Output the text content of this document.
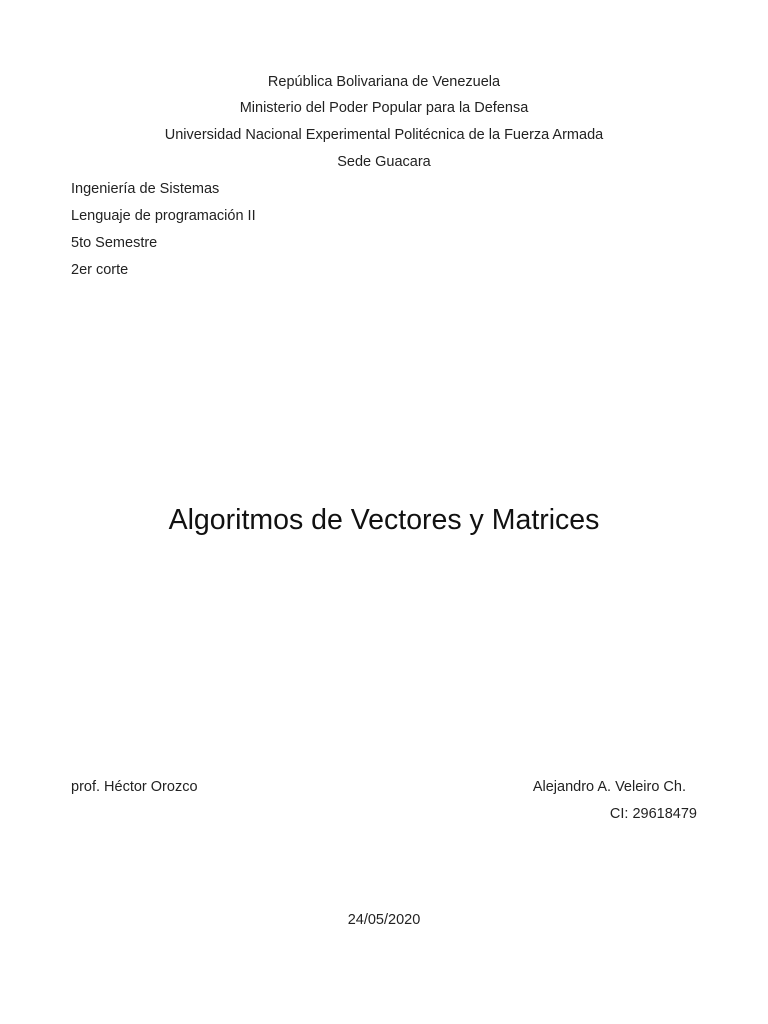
República Bolivariana de Venezuela
Ministerio del Poder Popular para la Defensa
Universidad Nacional Experimental Politécnica de la Fuerza Armada
Sede Guacara
Ingeniería de Sistemas
Lenguaje de programación II
5to Semestre
2er corte
Algoritmos de Vectores y Matrices
prof. Héctor Orozco	Alejandro A. Veleiro Ch.
CI: 29618479
24/05/2020
